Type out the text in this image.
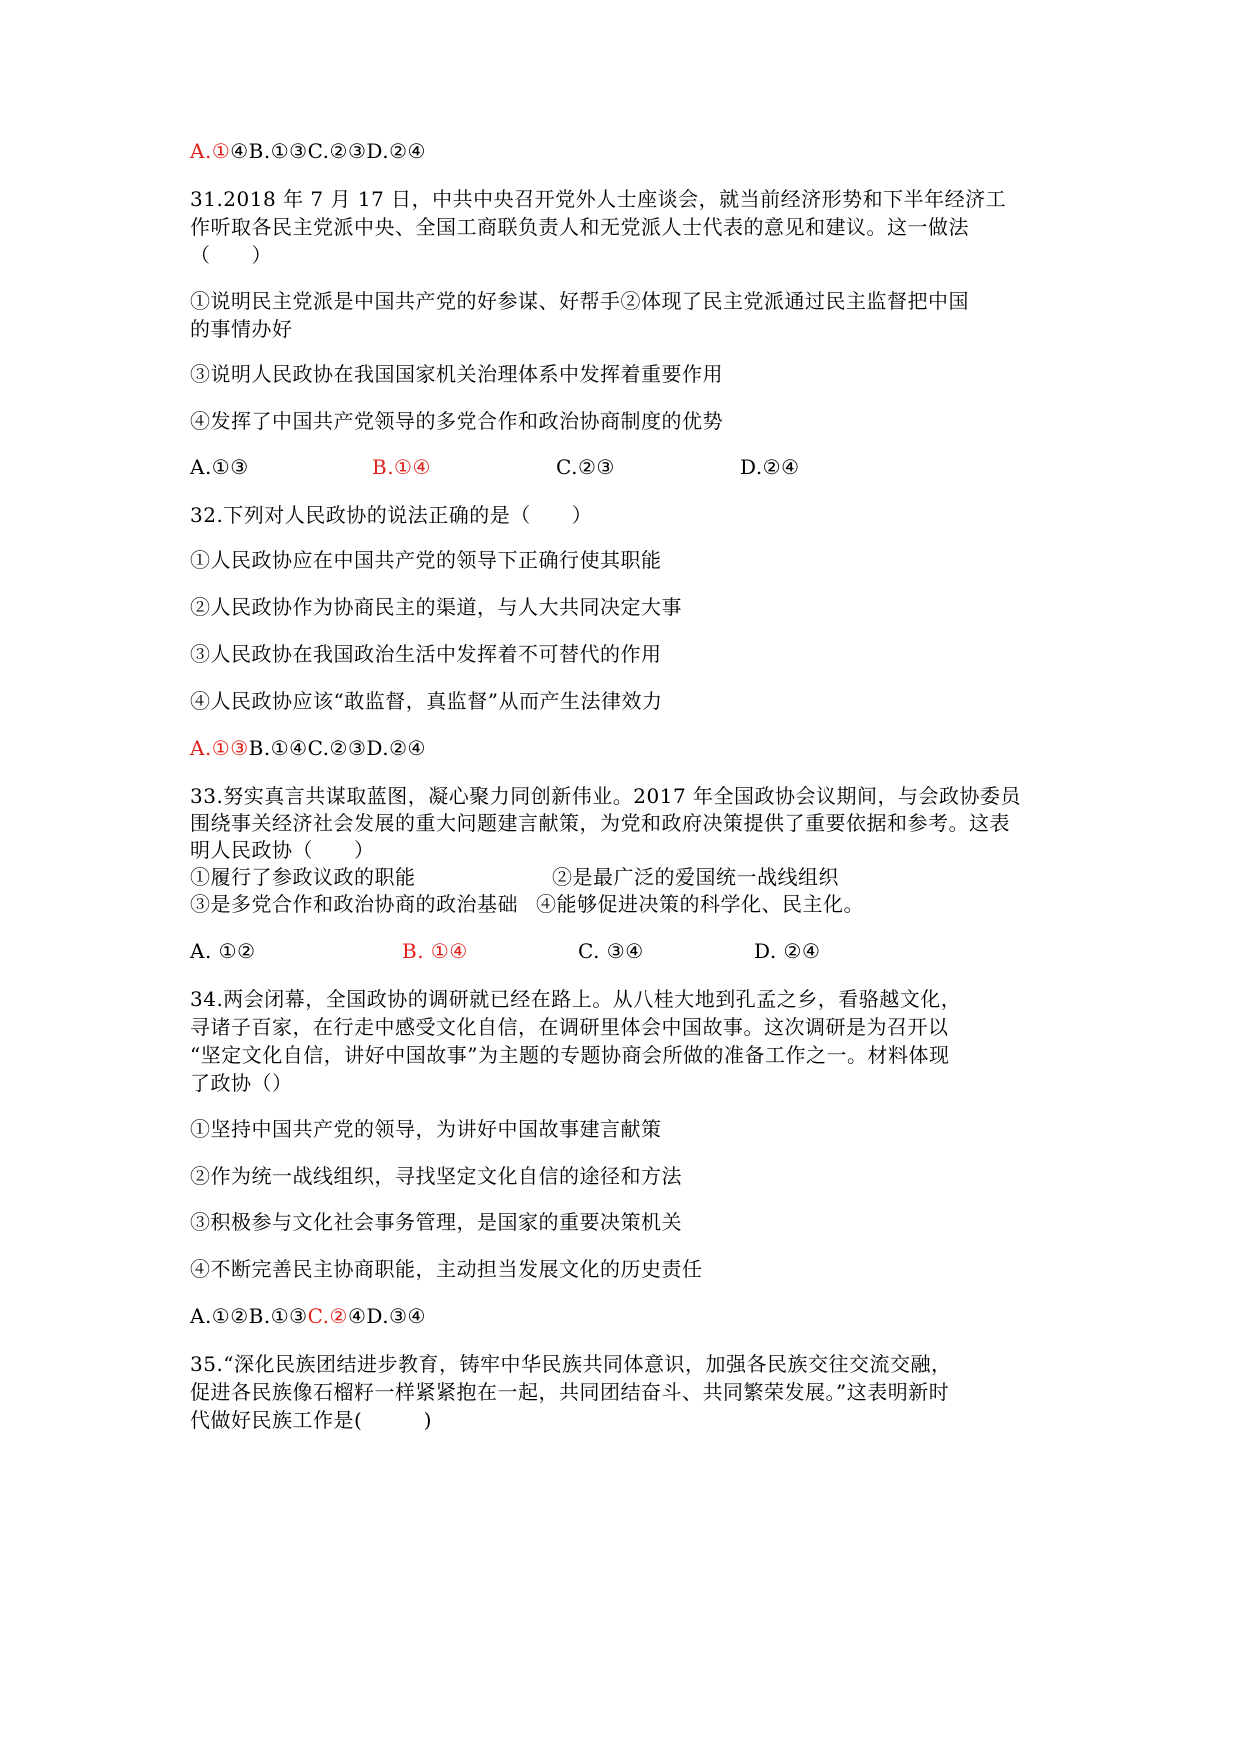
A.①④B.①③C.②③D.②④
31.2018 年 7 月 17 日，中共中央召开党外人士座谈会，就当前经济形势和下半年经济工
作听取各民主党派中央、全国工商联负责人和无党派人士代表的意见和建议。这一做法
（　　）
①说明民主党派是中国共产党的好参谋、好帮手②体现了民主党派通过民主监督把中国
的事情办好
③说明人民政协在我国国家机关治理体系中发挥着重要作用
④发挥了中国共产党领导的多党合作和政治协商制度的优势
A.①③	B.①④	C.②③	D.②④
32.下列对人民政协的说法正确的是（　　）
①人民政协应在中国共产党的领导下正确行使其职能
②人民政协作为协商民主的渠道，与人大共同决定大事
③人民政协在我国政治生活中发挥着不可替代的作用
④人民政协应该“敢监督，真监督”从而产生法律效力
A.①③B.①④C.②③D.②④
33.努实真言共谋取蓝图，凝心聚力同创新伟业。2017 年全国政协会议期间，与会政协委员
围绕事关经济社会发展的重大问题建言献策，为党和政府决策提供了重要依据和参考。这表
明人民政协（　　）
①履行了参政议政的职能	②是最广泛的爱国统一战线组织
③是多党合作和政治协商的政治基础 ④能够促进决策的科学化、民主化。
A. ①②	B. ①④	C. ③④	D. ②④
34.两会闭幕，全国政协的调研就已经在路上。从八桂大地到孔孟之乡，看骆越文化，
寻诸子百家，在行走中感受文化自信，在调研里体会中国故事。这次调研是为召开以
“坚定文化自信，讲好中国故事”为主题的专题协商会所做的准备工作之一。材料体现
了政协（）
①坚持中国共产党的领导，为讲好中国故事建言献策
②作为统一战线组织，寻找坚定文化自信的途径和方法
③积极参与文化社会事务管理，是国家的重要决策机关
④不断完善民主协商职能，主动担当发展文化的历史责任
A.①②B.①③C.②④D.③④
35.“深化民族团结进步教育，铸牢中华民族共同体意识，加强各民族交往交流交融，
促进各民族像石榴籽一样紧紧抱在一起，共同团结奋斗、共同繁荣发展。”这表明新时
代做好民族工作是(　　　)
